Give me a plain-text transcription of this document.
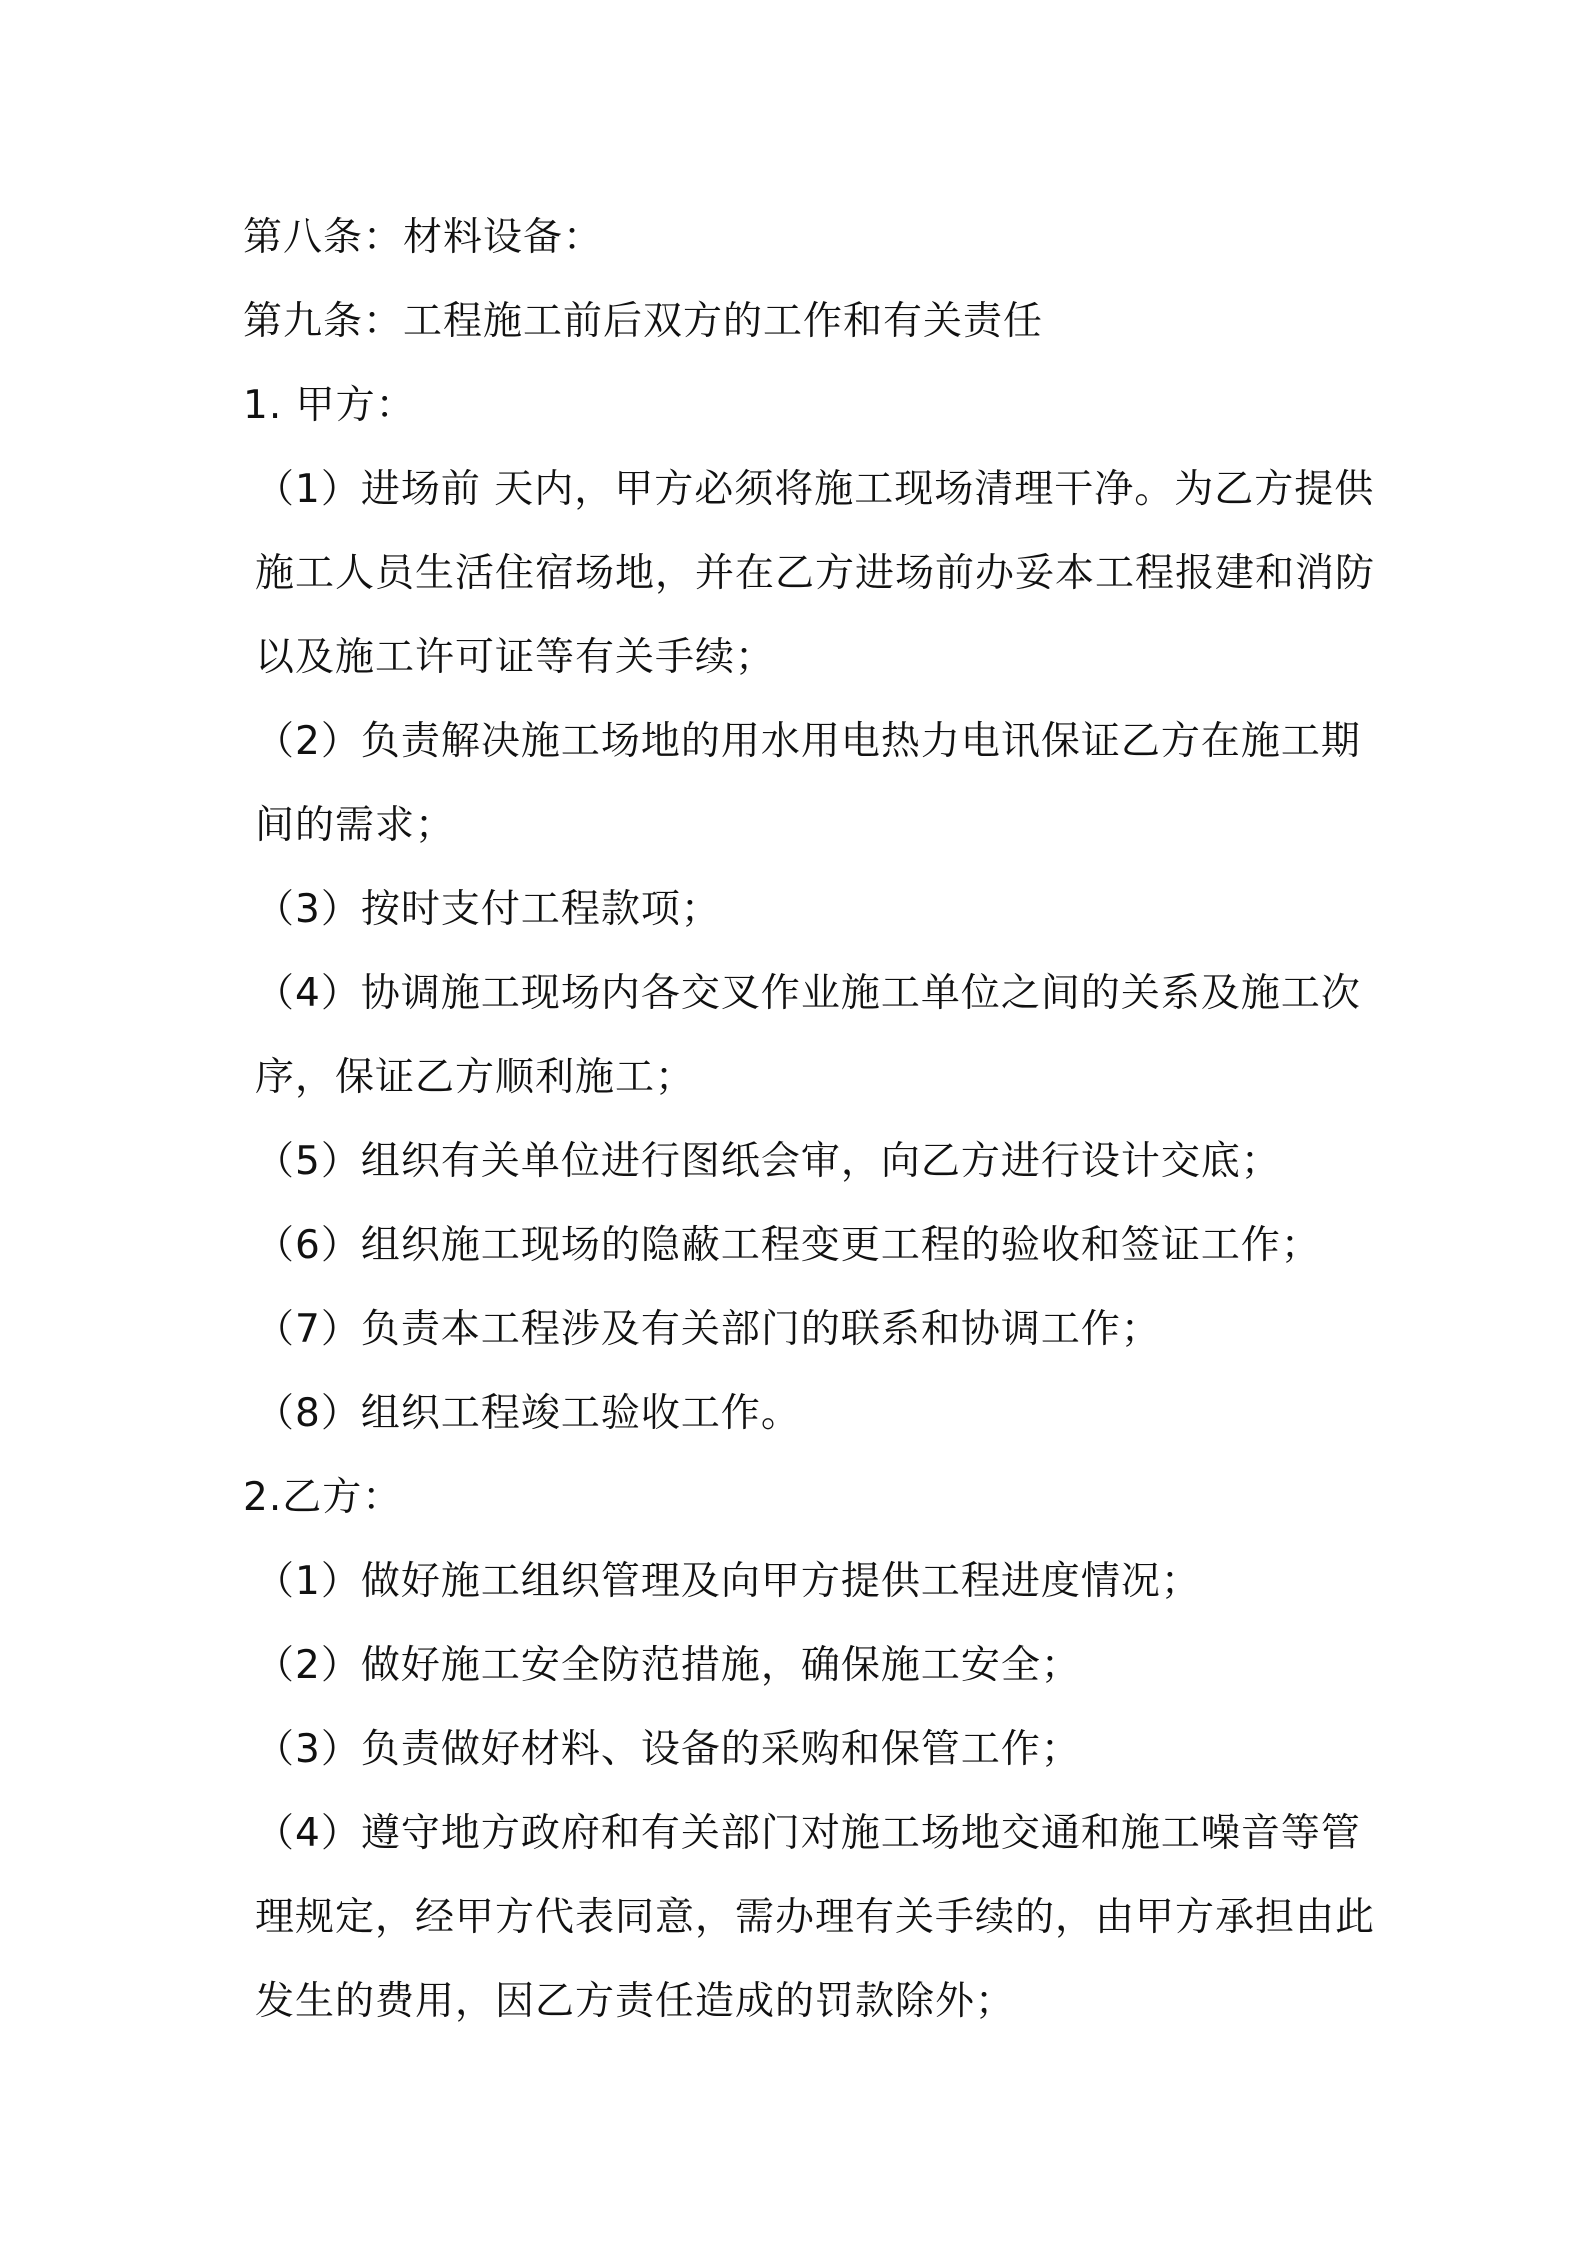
第八条：材料设备：

第九条：工程施工前后双方的工作和有关责任

1. 甲方：

（1）进场前 天内，甲方必须将施工现场清理干净。为乙方提供施工人员生活住宿场地，并在乙方进场前办妥本工程报建和消防以及施工许可证等有关手续；

（2）负责解决施工场地的用水用电热力电讯保证乙方在施工期间的需求；

（3）按时支付工程款项；

（4）协调施工现场内各交叉作业施工单位之间的关系及施工次序，保证乙方顺利施工；

（5）组织有关单位进行图纸会审，向乙方进行设计交底；

（6）组织施工现场的隐蔽工程变更工程的验收和签证工作；

（7）负责本工程涉及有关部门的联系和协调工作；

（8）组织工程竣工验收工作。

2.乙方：

（1）做好施工组织管理及向甲方提供工程进度情况；

（2）做好施工安全防范措施，确保施工安全；

（3）负责做好材料、设备的采购和保管工作；

（4）遵守地方政府和有关部门对施工场地交通和施工噪音等管理规定，经甲方代表同意，需办理有关手续的，由甲方承担由此发生的费用，因乙方责任造成的罚款除外；
